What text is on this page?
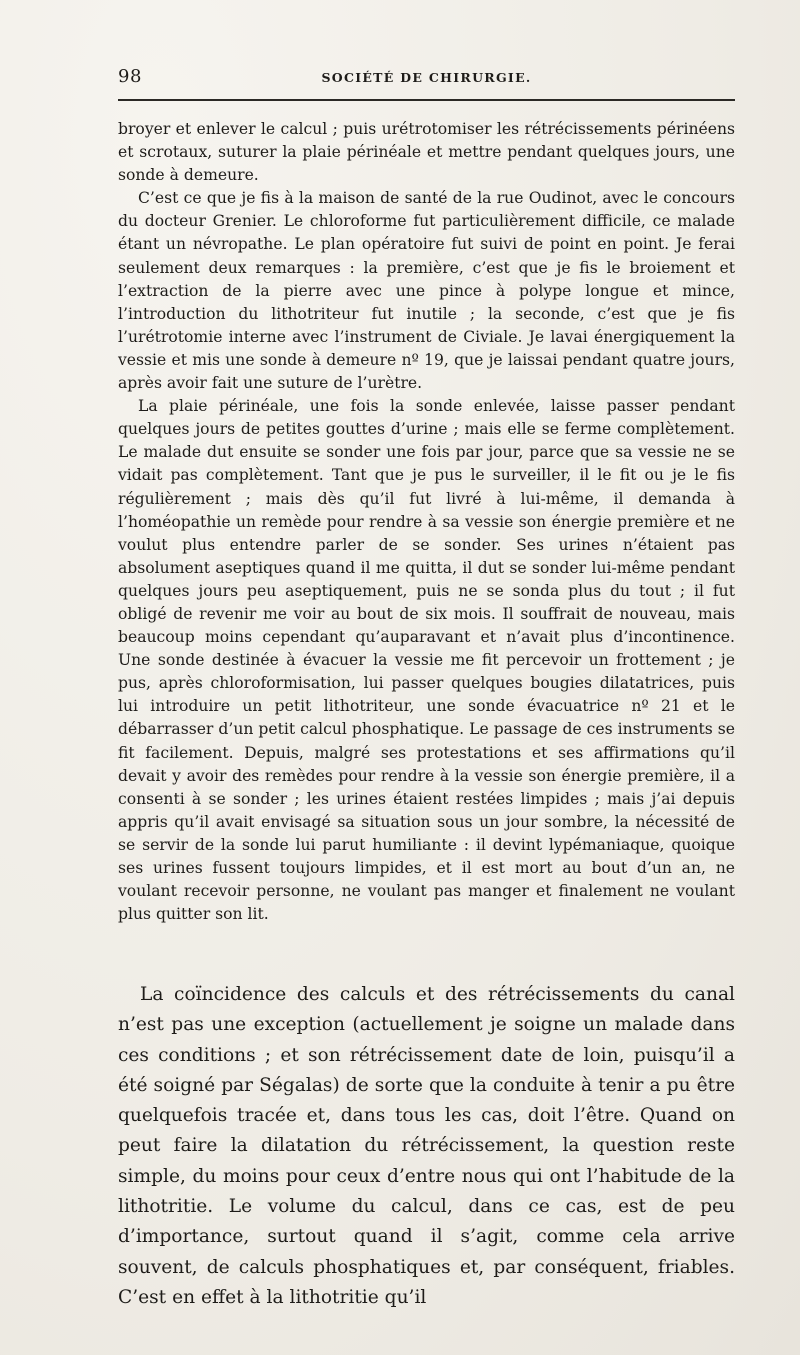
98	SOCIÉTÉ DE CHIRURGIE.

broyer et enlever le calcul ; puis urétrotomiser les rétrécissements périnéens et scrotaux, suturer la plaie périnéale et mettre pendant quelques jours, une sonde à demeure.

C’est ce que je fis à la maison de santé de la rue Oudinot, avec le concours du docteur Grenier. Le chloroforme fut particulièrement difficile, ce malade étant un névropathe. Le plan opératoire fut suivi de point en point. Je ferai seulement deux remarques : la première, c’est que je fis le broiement et l’extraction de la pierre avec une pince à polype longue et mince, l’introduction du lithotriteur fut inutile ; la seconde, c’est que je fis l’urétrotomie interne avec l’instrument de Civiale. Je lavai énergiquement la vessie et mis une sonde à demeure nº 19, que je laissai pendant quatre jours, après avoir fait une suture de l’urètre.

La plaie périnéale, une fois la sonde enlevée, laisse passer pendant quelques jours de petites gouttes d’urine ; mais elle se ferme complètement. Le malade dut ensuite se sonder une fois par jour, parce que sa vessie ne se vidait pas complètement. Tant que je pus le surveiller, il le fit ou je le fis régulièrement ; mais dès qu’il fut livré à lui-même, il demanda à l’homéopathie un remède pour rendre à sa vessie son énergie première et ne voulut plus entendre parler de se sonder. Ses urines n’étaient pas absolument aseptiques quand il me quitta, il dut se sonder lui-même pendant quelques jours peu aseptiquement, puis ne se sonda plus du tout ; il fut obligé de revenir me voir au bout de six mois. Il souffrait de nouveau, mais beaucoup moins cependant qu’auparavant et n’avait plus d’incontinence. Une sonde destinée à évacuer la vessie me fit percevoir un frottement ; je pus, après chloroformisation, lui passer quelques bougies dilatatrices, puis lui introduire un petit lithotriteur, une sonde évacuatrice nº 21 et le débarrasser d’un petit calcul phosphatique. Le passage de ces instruments se fit facilement. Depuis, malgré ses protestations et ses affirmations qu’il devait y avoir des remèdes pour rendre à la vessie son énergie première, il a consenti à se sonder ; les urines étaient restées limpides ; mais j’ai depuis appris qu’il avait envisagé sa situation sous un jour sombre, la nécessité de se servir de la sonde lui parut humiliante : il devint lypémaniaque, quoique ses urines fussent toujours limpides, et il est mort au bout d’un an, ne voulant recevoir personne, ne voulant pas manger et finalement ne voulant plus quitter son lit.

La coïncidence des calculs et des rétrécissements du canal n’est pas une exception (actuellement je soigne un malade dans ces conditions ; et son rétrécissement date de loin, puisqu’il a été soigné par Ségalas) de sorte que la conduite à tenir a pu être quelquefois tracée et, dans tous les cas, doit l’être. Quand on peut faire la dilatation du rétrécissement, la question reste simple, du moins pour ceux d’entre nous qui ont l’habitude de la lithotritie. Le volume du calcul, dans ce cas, est de peu d’importance, surtout quand il s’agit, comme cela arrive souvent, de calculs phosphatiques et, par conséquent, friables. C’est en effet à la lithotritie qu’il
